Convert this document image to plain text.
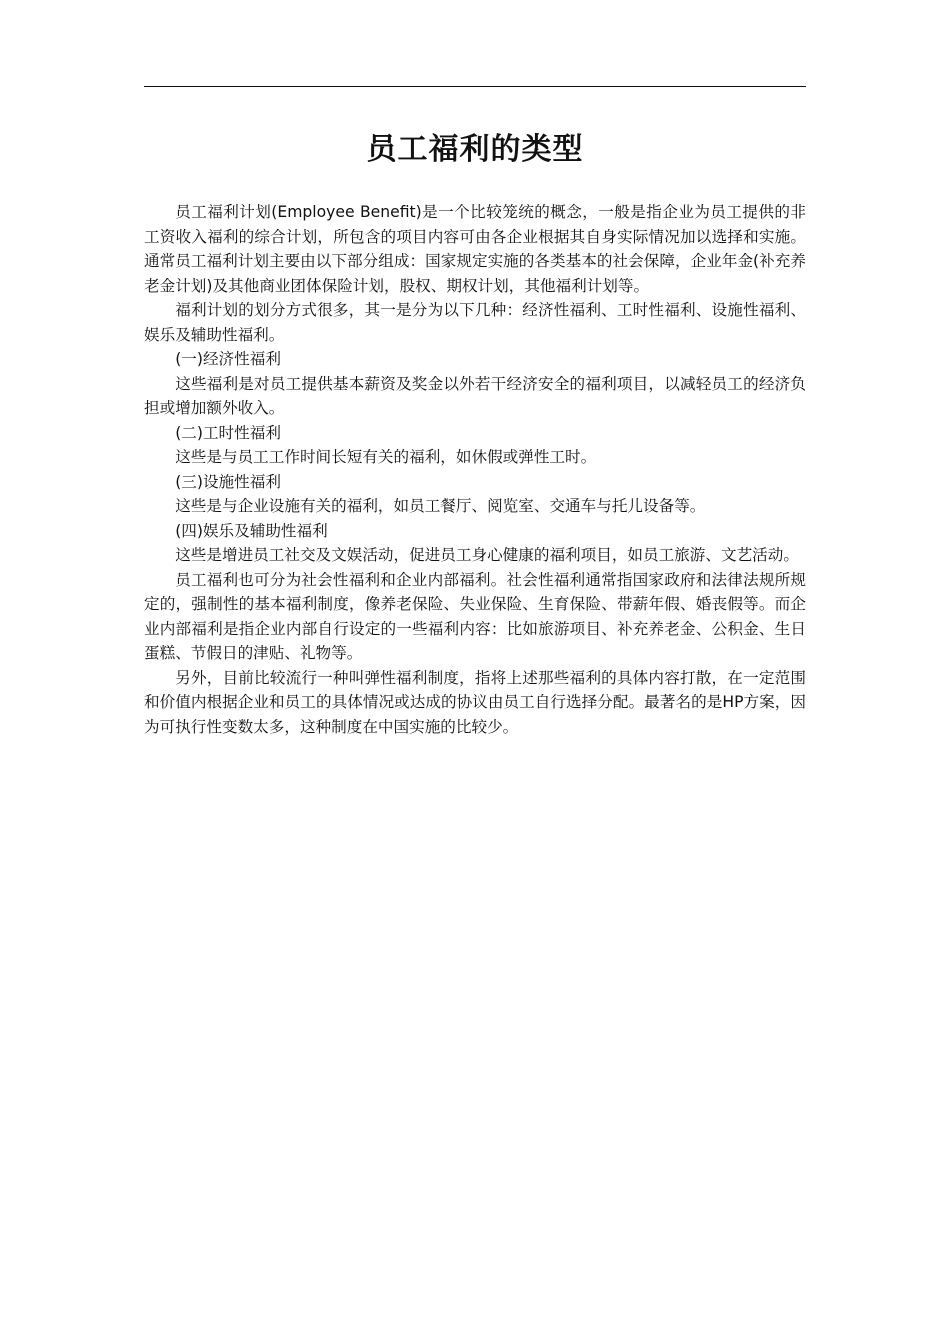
员工福利的类型

员工福利计划(Employee Benefit)是一个比较笼统的概念，一般是指企业为员工提供的非工资收入福利的综合计划，所包含的项目内容可由各企业根据其自身实际情况加以选择和实施。通常员工福利计划主要由以下部分组成：国家规定实施的各类基本的社会保障，企业年金(补充养老金计划)及其他商业团体保险计划，股权、期权计划，其他福利计划等。

福利计划的划分方式很多，其一是分为以下几种：经济性福利、工时性福利、设施性福利、娱乐及辅助性福利。

(一)经济性福利

这些福利是对员工提供基本薪资及奖金以外若干经济安全的福利项目，以减轻员工的经济负担或增加额外收入。

(二)工时性福利

这些是与员工工作时间长短有关的福利，如休假或弹性工时。

(三)设施性福利

这些是与企业设施有关的福利，如员工餐厅、阅览室、交通车与托儿设备等。

(四)娱乐及辅助性福利

这些是增进员工社交及文娱活动，促进员工身心健康的福利项目，如员工旅游、文艺活动。

员工福利也可分为社会性福利和企业内部福利。社会性福利通常指国家政府和法律法规所规定的，强制性的基本福利制度，像养老保险、失业保险、生育保险、带薪年假、婚丧假等。而企业内部福利是指企业内部自行设定的一些福利内容：比如旅游项目、补充养老金、公积金、生日蛋糕、节假日的津贴、礼物等。

另外，目前比较流行一种叫弹性福利制度，指将上述那些福利的具体内容打散，在一定范围和价值内根据企业和员工的具体情况或达成的协议由员工自行选择分配。最著名的是HP方案，因为可执行性变数太多，这种制度在中国实施的比较少。
